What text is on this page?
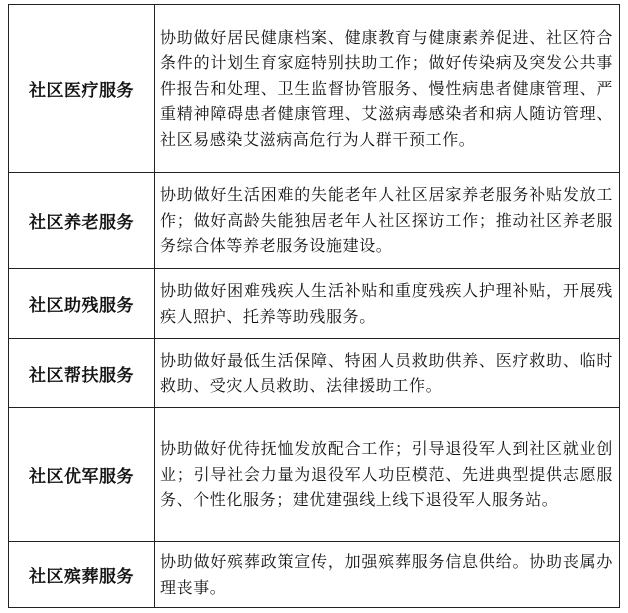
社区医疗服务	协助做好居民健康档案、健康教育与健康素养促进、社区符合条件的计划生育家庭特别扶助工作；做好传染病及突发公共事件报告和处理、卫生监督协管服务、慢性病患者健康管理、严重精神障碍患者健康管理、艾滋病毒感染者和病人随访管理、社区易感染艾滋病高危行为人群干预工作。
社区养老服务	协助做好生活困难的失能老年人社区居家养老服务补贴发放工作；做好高龄失能独居老年人社区探访工作；推动社区养老服务综合体等养老服务设施建设。
社区助残服务	协助做好困难残疾人生活补贴和重度残疾人护理补贴，开展残疾人照护、托养等助残服务。
社区帮扶服务	协助做好最低生活保障、特困人员救助供养、医疗救助、临时救助、受灾人员救助、法律援助工作。
社区优军服务	协助做好优待抚恤发放配合工作；引导退役军人到社区就业创业；引导社会力量为退役军人功臣模范、先进典型提供志愿服务、个性化服务；建优建强线上线下退役军人服务站。
社区殡葬服务	协助做好殡葬政策宣传，加强殡葬服务信息供给。协助丧属办理丧事。
